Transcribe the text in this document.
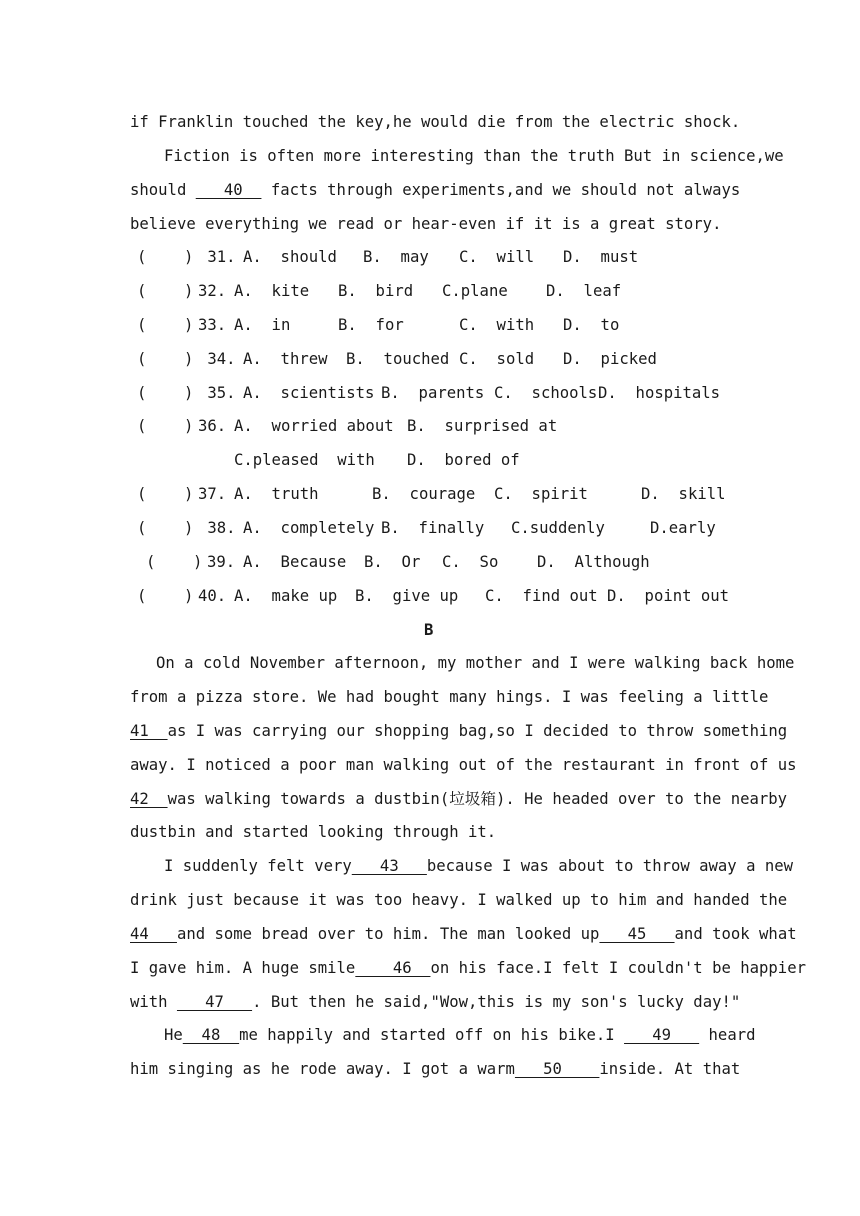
if Franklin touched the key,he would die from the electric shock.
Fiction is often more interesting than the truth But in science,we
should    40   facts through experiments,and we should not always
believe everything we read or hear-even if it is a great story.
(    ) 31. A.  should B.  may C.  will D.  must
(    ) 32. A.  kite B.  bird C.plane D.  leaf
(    ) 33. A.  in	B.  for	C.  with D.  to
(    ) 34. A.  threw B.  touched C.  sold D.  picked
(    ) 35. A.  scientists B.  parents C.  schools D.  hospitals
(    ) 36. A.  worried about B.  surprised at
C.pleased  with D.  bored of
(    ) 37. A.  truth	B.  courage C.  spirit	D.  skill
(    ) 38. A.  completely B.  finally C.suddenly	D.early
(    ) 39. A.  Because B.  Or C.  So D.  Although
(    ) 40. A.  make up B.  give up C.  find out D.  point out
B
On a cold November afternoon, my mother and I were walking back home
from a pizza store. We had bought many hings. I was feeling a little
41  as I was carrying our shopping bag,so I decided to throw something
away. I noticed a poor man walking out of the restaurant in front of us
42  was walking towards a dustbin(垃圾箱). He headed over to the nearby
dustbin and started looking through it.
I suddenly felt very   43   because I was about to throw away a new
drink just because it was too heavy. I walked up to him and handed the
44   and some bread over to him. The man looked up   45   and took what
I gave him. A huge smile    46  on his face.I felt I couldn't be happier
with    47   . But then he said,"Wow,this is my son's lucky day!"
He  48  me happily and started off on his bike.I    49    heard
him singing as he rode away. I got a warm   50    inside. At that
